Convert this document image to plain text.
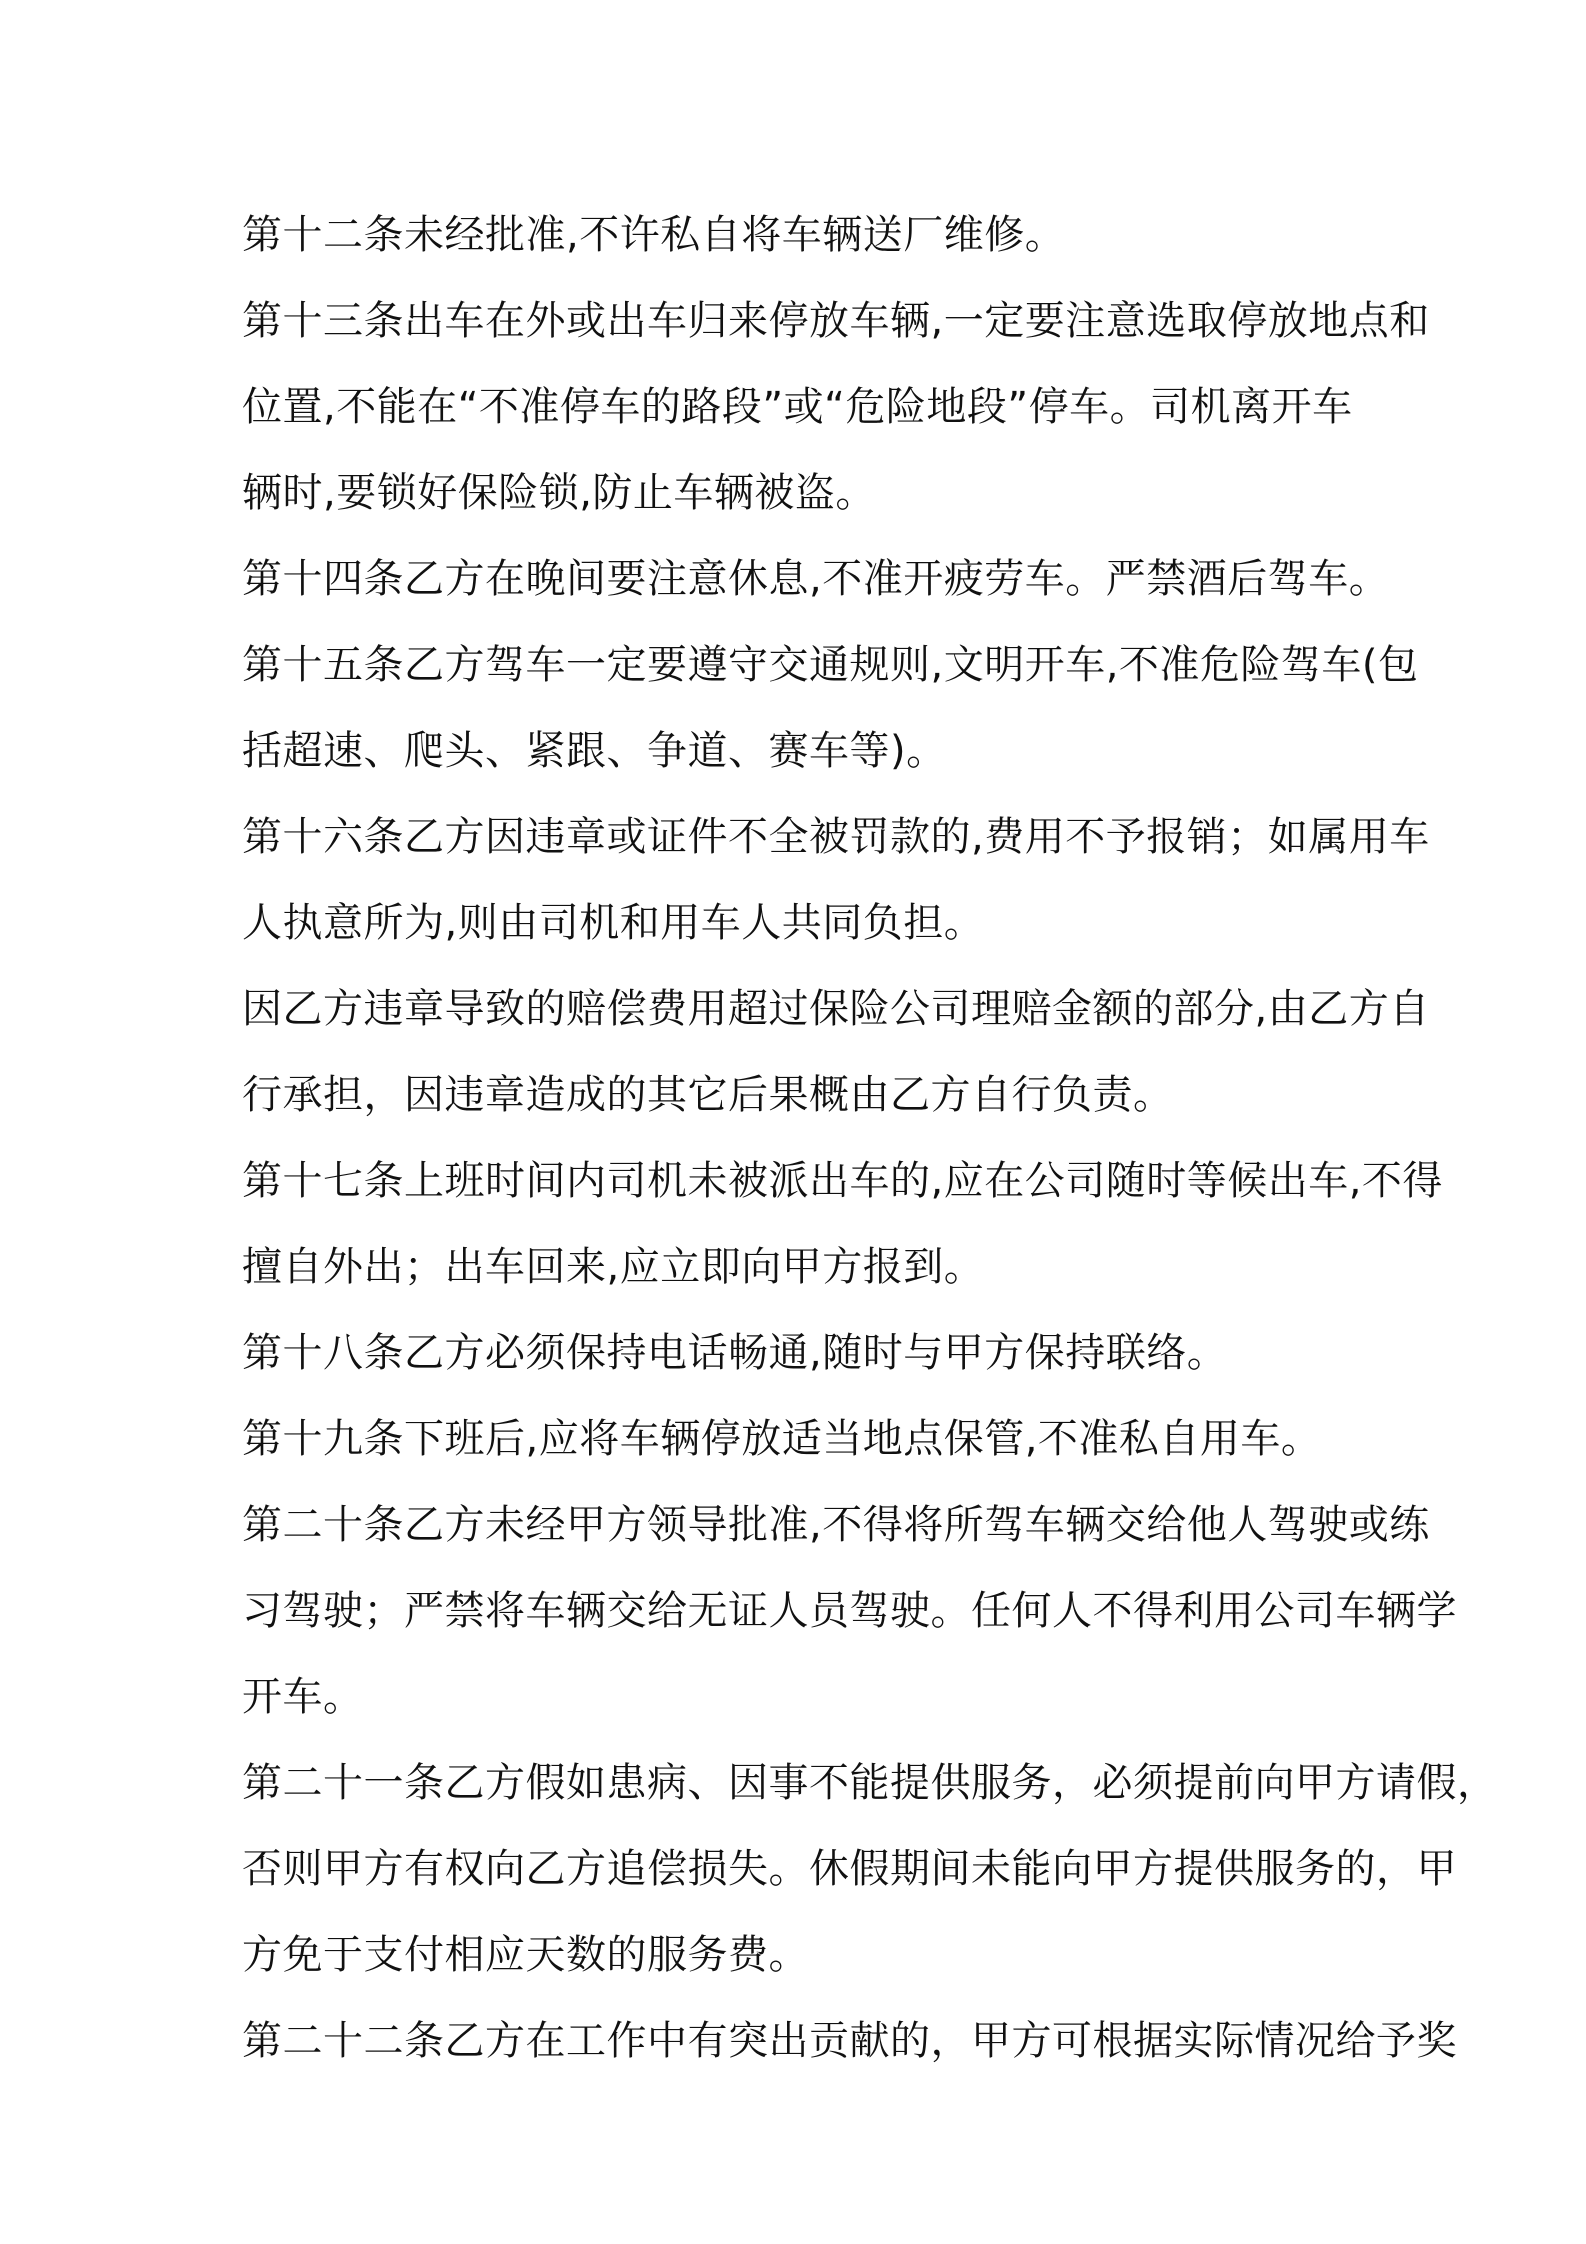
第十二条未经批准,不许私自将车辆送厂维修。
第十三条出车在外或出车归来停放车辆,一定要注意选取停放地点和
位置,不能在“不准停车的路段”或“危险地段”停车。司机离开车
辆时,要锁好保险锁,防止车辆被盗。
第十四条乙方在晚间要注意休息,不准开疲劳车。严禁酒后驾车。
第十五条乙方驾车一定要遵守交通规则,文明开车,不准危险驾车(包
括超速、爬头、紧跟、争道、赛车等)。
第十六条乙方因违章或证件不全被罚款的,费用不予报销；如属用车
人执意所为,则由司机和用车人共同负担。
因乙方违章导致的赔偿费用超过保险公司理赔金额的部分,由乙方自
行承担，因违章造成的其它后果概由乙方自行负责。
第十七条上班时间内司机未被派出车的,应在公司随时等候出车,不得
擅自外出；出车回来,应立即向甲方报到。
第十八条乙方必须保持电话畅通,随时与甲方保持联络。
第十九条下班后,应将车辆停放适当地点保管,不准私自用车。
第二十条乙方未经甲方领导批准,不得将所驾车辆交给他人驾驶或练
习驾驶；严禁将车辆交给无证人员驾驶。任何人不得利用公司车辆学
开车。
第二十一条乙方假如患病、因事不能提供服务，必须提前向甲方请假，
否则甲方有权向乙方追偿损失。休假期间未能向甲方提供服务的，甲
方免于支付相应天数的服务费。
第二十二条乙方在工作中有突出贡献的，甲方可根据实际情况给予奖
